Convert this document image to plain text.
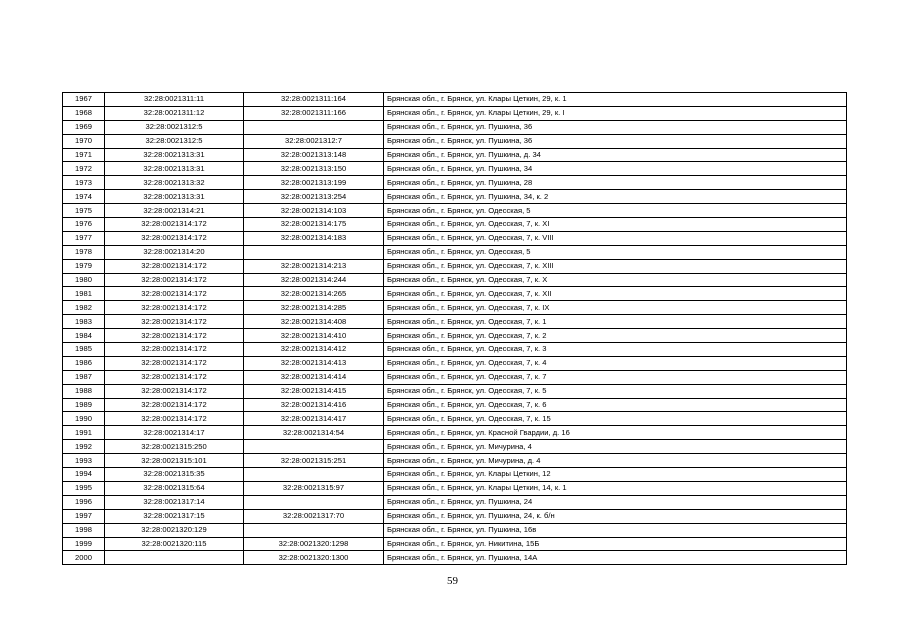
1967	32:28:0021311:11	32:28:0021311:164	Брянская обл., г. Брянск, ул. Клары Цеткин, 29, к. 1
1968	32:28:0021311:12	32:28:0021311:166	Брянская обл., г. Брянск, ул. Клары Цеткин, 29, к. I
1969	32:28:0021312:5		Брянская обл., г. Брянск, ул. Пушкина, 36
1970	32:28:0021312:5	32:28:0021312:7	Брянская обл., г. Брянск, ул. Пушкина, 36
1971	32:28:0021313:31	32:28:0021313:148	Брянская обл., г. Брянск, ул. Пушкина, д. 34
1972	32:28:0021313:31	32:28:0021313:150	Брянская обл., г. Брянск, ул. Пушкина, 34
1973	32:28:0021313:32	32:28:0021313:199	Брянская обл., г. Брянск, ул. Пушкина, 28
1974	32:28:0021313:31	32:28:0021313:254	Брянская обл., г. Брянск, ул. Пушкина, 34, к. 2
1975	32:28:0021314:21	32:28:0021314:103	Брянская обл., г. Брянск, ул. Одесская, 5
1976	32:28:0021314:172	32:28:0021314:175	Брянская обл., г. Брянск, ул. Одесская, 7, к. XI
1977	32:28:0021314:172	32:28:0021314:183	Брянская обл., г. Брянск, ул. Одесская, 7, к. VIII
1978	32:28:0021314:20		Брянская обл., г. Брянск, ул. Одесская, 5
1979	32:28:0021314:172	32:28:0021314:213	Брянская обл., г. Брянск, ул. Одесская, 7, к. XIII
1980	32:28:0021314:172	32:28:0021314:244	Брянская обл., г. Брянск, ул. Одесская, 7, к. X
1981	32:28:0021314:172	32:28:0021314:265	Брянская обл., г. Брянск, ул. Одесская, 7, к. XII
1982	32:28:0021314:172	32:28:0021314:285	Брянская обл., г. Брянск, ул. Одесская, 7, к. IX
1983	32:28:0021314:172	32:28:0021314:408	Брянская обл., г. Брянск, ул. Одесская, 7, к. 1
1984	32:28:0021314:172	32:28:0021314:410	Брянская обл., г. Брянск, ул. Одесская, 7, к. 2
1985	32:28:0021314:172	32:28:0021314:412	Брянская обл., г. Брянск, ул. Одесская, 7, к. 3
1986	32:28:0021314:172	32:28:0021314:413	Брянская обл., г. Брянск, ул. Одесская, 7, к. 4
1987	32:28:0021314:172	32:28:0021314:414	Брянская обл., г. Брянск, ул. Одесская, 7, к. 7
1988	32:28:0021314:172	32:28:0021314:415	Брянская обл., г. Брянск, ул. Одесская, 7, к. 5
1989	32:28:0021314:172	32:28:0021314:416	Брянская обл., г. Брянск, ул. Одесская, 7, к. 6
1990	32:28:0021314:172	32:28:0021314:417	Брянская обл., г. Брянск, ул. Одесская, 7, к. 15
1991	32:28:0021314:17	32:28:0021314:54	Брянская обл., г. Брянск, ул. Красной Гвардии, д. 16
1992	32:28:0021315:250		Брянская обл., г. Брянск, ул. Мичурина, 4
1993	32:28:0021315:101	32:28:0021315:251	Брянская обл., г. Брянск, ул. Мичурина, д. 4
1994	32:28:0021315:35		Брянская обл., г. Брянск, ул. Клары Цеткин, 12
1995	32:28:0021315:64	32:28:0021315:97	Брянская обл., г. Брянск, ул. Клары Цеткин, 14, к. 1
1996	32:28:0021317:14		Брянская обл., г. Брянск, ул. Пушкина, 24
1997	32:28:0021317:15	32:28:0021317:70	Брянская обл., г. Брянск, ул. Пушкина, 24, к. б/н
1998	32:28:0021320:129		Брянская обл., г. Брянск, ул. Пушкина, 16в
1999	32:28:0021320:115	32:28:0021320:1298	Брянская обл., г. Брянск, ул. Никитина, 15Б
2000		32:28:0021320:1300	Брянская обл., г. Брянск, ул. Пушкина, 14А
59
